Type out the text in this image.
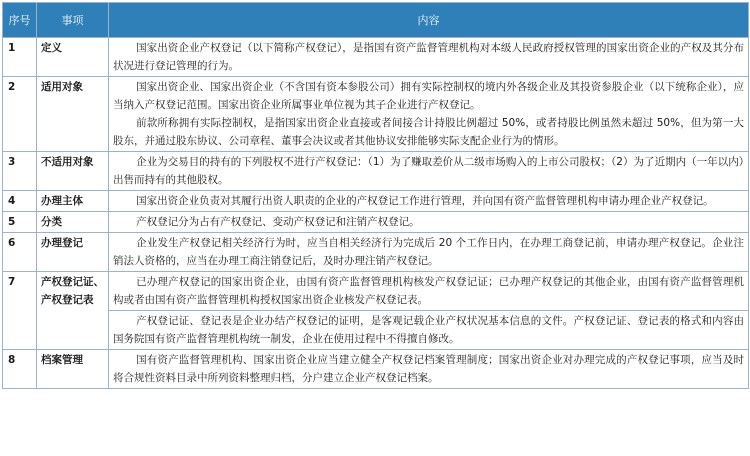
序号	事项	内容
1	定义	国家出资企业产权登记（以下简称产权登记），是指国有资产监督管理机构对本级人民政府授权管理的国家出资企业的产权及其分布状况进行登记管理的行为。

2	适用对象	国家出资企业、国家出资企业（不含国有资本参股公司）拥有实际控制权的境内外各级企业及其投资参股企业（以下统称企业），应当纳入产权登记范围。国家出资企业所属事业单位视为其子企业进行产权登记。

前款所称拥有实际控制权，是指国家出资企业直接或者间接合计持股比例超过 50%，或者持股比例虽然未超过 50%，但为第一大股东，并通过股东协议、公司章程、董事会决议或者其他协议安排能够实际支配企业行为的情形。

3	不适用对象	企业为交易目的持有的下列股权不进行产权登记：（1）为了赚取差价从二级市场购入的上市公司股权；（2）为了近期内（一年以内）出售而持有的其他股权。

4	办理主体	国家出资企业负责对其履行出资人职责的企业的产权登记工作进行管理，并向国有资产监督管理机构申请办理企业产权登记。

5	分类	产权登记分为占有产权登记、变动产权登记和注销产权登记。

6	办理登记	企业发生产权登记相关经济行为时，应当自相关经济行为完成后 20 个工作日内，在办理工商登记前，申请办理产权登记。企业注销法人资格的，应当在办理工商注销登记后，及时办理注销产权登记。

7	产权登记证、产权登记表	已办理产权登记的国家出资企业，由国有资产监督管理机构核发产权登记证；已办理产权登记的其他企业，由国有资产监督管理机构或者由国有资产监督管理机构授权国家出资企业核发产权登记表。

		产权登记证、登记表是企业办结产权登记的证明，是客观记载企业产权状况基本信息的文件。产权登记证、登记表的格式和内容由国务院国有资产监督管理机构统一制发，企业在使用过程中不得擅自修改。

8	档案管理	国有资产监督管理机构、国家出资企业应当建立健全产权登记档案管理制度；国家出资企业对办理完成的产权登记事项，应当及时将合规性资料目录中所列资料整理归档，分户建立企业产权登记档案。
